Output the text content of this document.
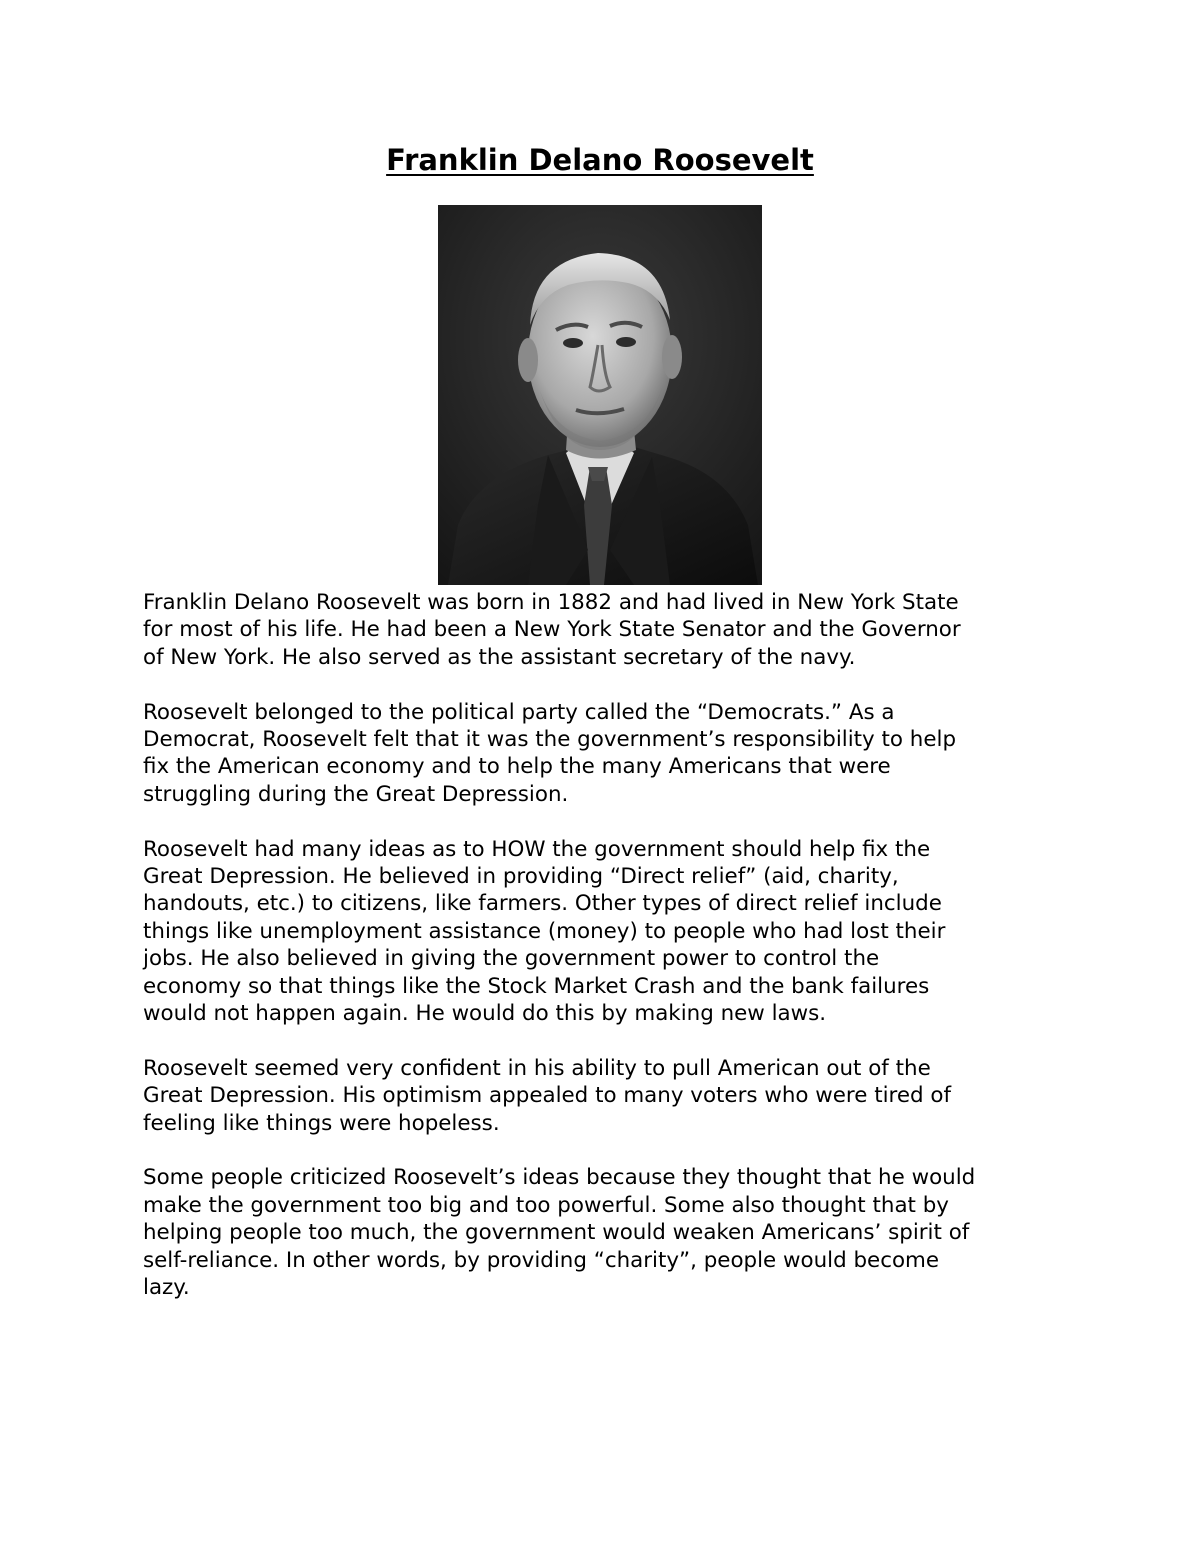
Franklin Delano Roosevelt

Franklin Delano Roosevelt was born in 1882 and had lived in New York State
for most of his life. He had been a New York State Senator and the Governor
of New York. He also served as the assistant secretary of the navy.

Roosevelt belonged to the political party called the “Democrats.” As a
Democrat, Roosevelt felt that it was the government’s responsibility to help
fix the American economy and to help the many Americans that were
struggling during the Great Depression.

Roosevelt had many ideas as to HOW the government should help fix the
Great Depression. He believed in providing “Direct relief” (aid, charity,
handouts, etc.) to citizens, like farmers. Other types of direct relief include
things like unemployment assistance (money) to people who had lost their
jobs. He also believed in giving the government power to control the
economy so that things like the Stock Market Crash and the bank failures
would not happen again. He would do this by making new laws.

Roosevelt seemed very confident in his ability to pull American out of the
Great Depression. His optimism appealed to many voters who were tired of
feeling like things were hopeless.

Some people criticized Roosevelt’s ideas because they thought that he would
make the government too big and too powerful. Some also thought that by
helping people too much, the government would weaken Americans’ spirit of
self-reliance. In other words, by providing “charity”, people would become
lazy.
